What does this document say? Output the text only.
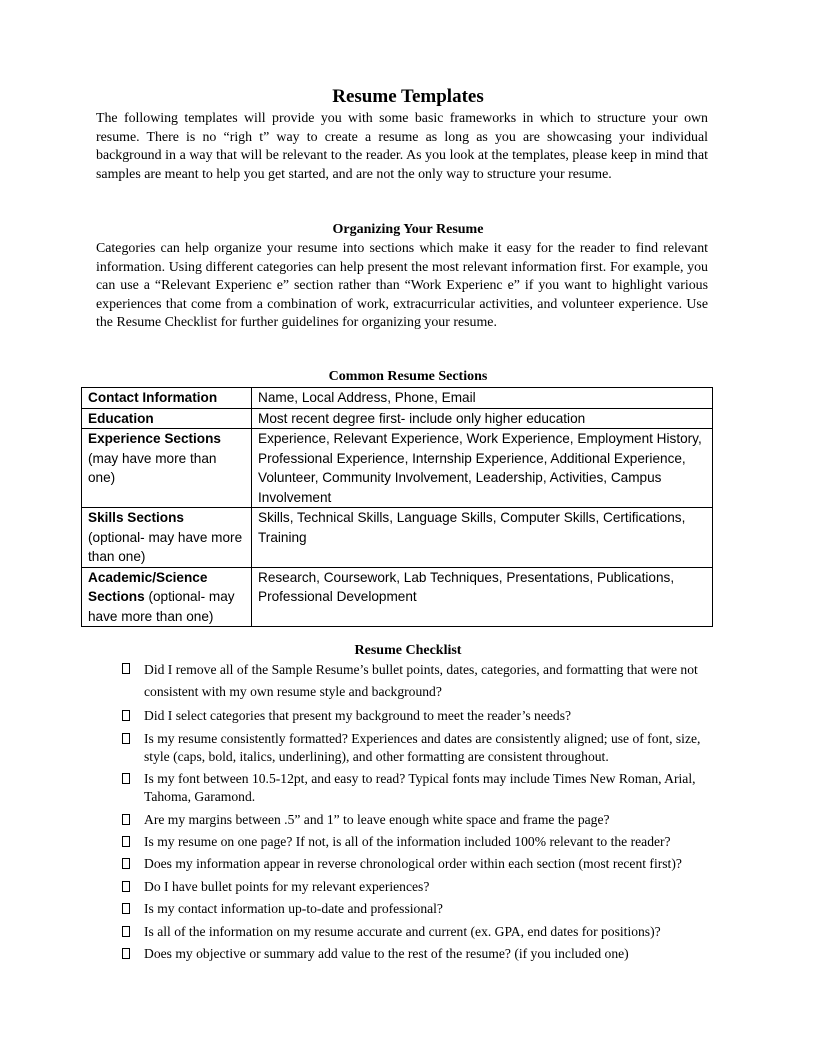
Resume Templates
The following templates will provide you with some basic frameworks in which to structure your own resume. There is no “righ t” way to create a resume as long as you are showcasing your individual background in a way that will be relevant to the reader. As you look at the templates, please keep in mind that samples are meant to help you get started, and are not the only way to structure your resume.
Organizing Your Resume
Categories can help organize your resume into sections which make it easy for the reader to find relevant information. Using different categories can help present the most relevant information first. For example, you can use a “Relevant Experienc e” section rather than “Work Experienc e” if you want to highlight various experiences that come from a combination of work, extracurricular activities, and volunteer experience. Use the Resume Checklist for further guidelines for organizing your resume.
Common Resume Sections
Contact Information	Name, Local Address, Phone, Email
Education	Most recent degree first- include only higher education
Experience Sections
(may have more than one)	Experience, Relevant Experience, Work Experience, Employment History, Professional Experience, Internship Experience, Additional Experience, Volunteer, Community Involvement, Leadership, Activities, Campus Involvement
Skills Sections
(optional- may have more than one)	Skills, Technical Skills, Language Skills, Computer Skills, Certifications, Training
Academic/Science Sections (optional- may have more than one)	Research, Coursework, Lab Techniques, Presentations, Publications, Professional Development
Resume Checklist
Did I remove all of the Sample Resume’s bullet points, dates, categories, and formatting that were not consistent with my own resume style and background?
Did I select categories that present my background to meet the reader’s needs?
Is my resume consistently formatted? Experiences and dates are consistently aligned; use of font, size, style (caps, bold, italics, underlining), and other formatting are consistent throughout.
Is my font between 10.5-12pt, and easy to read? Typical fonts may include Times New Roman, Arial, Tahoma, Garamond.
Are my margins between .5” and 1” to leave enough white space and frame the page?
Is my resume on one page? If not, is all of the information included 100% relevant to the reader?
Does my information appear in reverse chronological order within each section (most recent first)?
Do I have bullet points for my relevant experiences?
Is my contact information up-to-date and professional?
Is all of the information on my resume accurate and current (ex. GPA, end dates for positions)?
Does my objective or summary add value to the rest of the resume? (if you included one)
